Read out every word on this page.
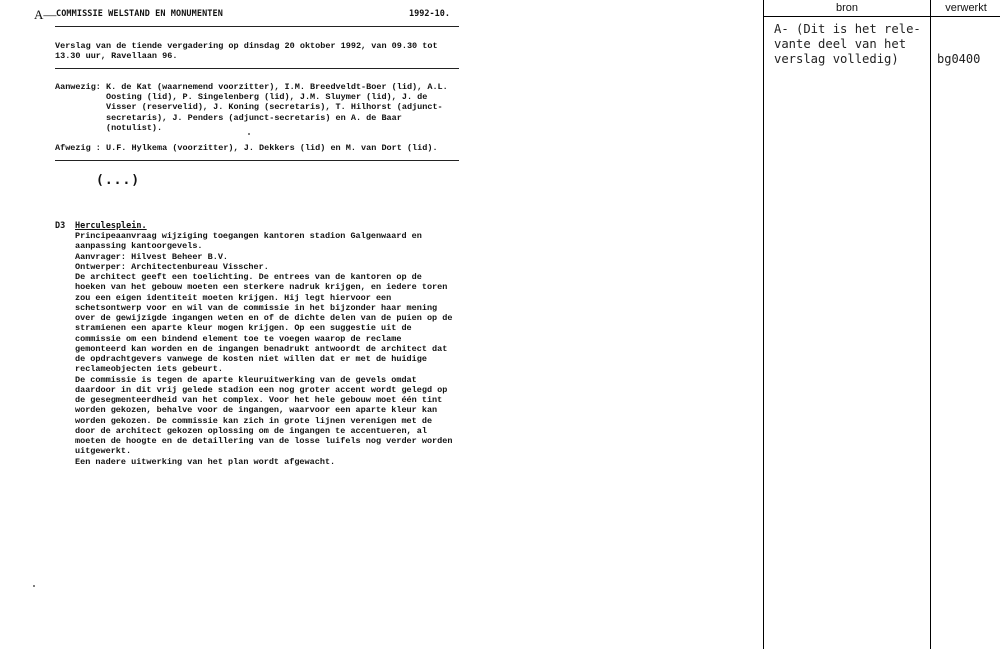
A— COMMISSIE WELSTAND EN MONUMENTEN	1992-10.
Verslag van de tiende vergadering op dinsdag 20 oktober 1992, van 09.30 tot
13.30 uur, Ravellaan 96.
Aanwezig: K. de Kat (waarnemend voorzitter), I.M. Breedveldt-Boer (lid), A.L.
Oosting (lid), P. Singelenberg (lid), J.M. Sluymer (lid), J. de
Visser (reservelid), J. Koning (secretaris), T. Hilhorst (adjunct-
secretaris), J. Penders (adjunct-secretaris) en A. de Baar
(notulist).
Afwezig : U.F. Hylkema (voorzitter), J. Dekkers (lid) en M. van Dort (lid).
(...)
D3 Herculesplein.
Principeaanvraag wijziging toegangen kantoren stadion Galgenwaard en
aanpassing kantoorgevels.
Aanvrager: Hilvest Beheer B.V.
Ontwerper: Architectenbureau Visscher.
De architect geeft een toelichting. De entrees van de kantoren op de
hoeken van het gebouw moeten een sterkere nadruk krijgen, en iedere toren
zou een eigen identiteit moeten krijgen. Hij legt hiervoor een
schetsontwerp voor en wil van de commissie in het bijzonder haar mening
over de gewijzigde ingangen weten en of de dichte delen van de puien op de
stramienen een aparte kleur mogen krijgen. Op een suggestie uit de
commissie om een bindend element toe te voegen waarop de reclame
gemonteerd kan worden en de ingangen benadrukt antwoordt de architect dat
de opdrachtgevers vanwege de kosten niet willen dat er met de huidige
reclameobjecten iets gebeurt.
De commissie is tegen de aparte kleuruitwerking van de gevels omdat
daardoor in dit vrij gelede stadion een nog groter accent wordt gelegd op
de gesegmenteerdheid van het complex. Voor het hele gebouw moet één tint
worden gekozen, behalve voor de ingangen, waarvoor een aparte kleur kan
worden gekozen. De commissie kan zich in grote lijnen verenigen met de
door de architect gekozen oplossing om de ingangen te accentueren, al
moeten de hoogte en de detaillering van de losse luifels nog verder worden
uitgewerkt.
Een nadere uitwerking van het plan wordt afgewacht.
bron	verwerkt
A- (Dit is het rele-
vante deel van het
verslag volledig)	bg0400
